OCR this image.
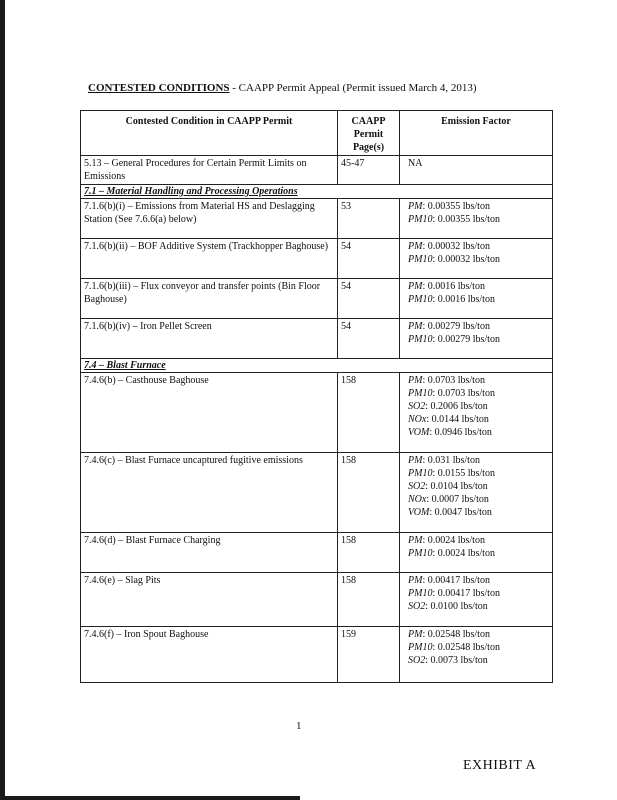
CONTESTED CONDITIONS - CAAPP Permit Appeal (Permit issued March 4, 2013)
Contested Condition in CAAPP Permit	CAAPP Permit Page(s)	Emission Factor
5.13 – General Procedures for Certain Permit Limits on Emissions	45-47	NA
7.1 – Material Handling and Processing Operations		
7.1.6(b)(i) – Emissions from Material HS and Deslagging Station (See 7.6.6(a) below)	53	PM: 0.00355 lbs/ton
PM10: 0.00355 lbs/ton

7.1.6(b)(ii) – BOF Additive System (Trackhopper Baghouse)	54	PM: 0.00032 lbs/ton
PM10: 0.00032 lbs/ton

7.1.6(b)(iii) – Flux conveyor and transfer points (Bin Floor Baghouse)	54	PM: 0.0016 lbs/ton
PM10: 0.0016 lbs/ton

7.1.6(b)(iv) – Iron Pellet Screen	54	PM: 0.00279 lbs/ton
PM10: 0.00279 lbs/ton

7.4 – Blast Furnace		
7.4.6(b) – Casthouse Baghouse	158	PM: 0.0703 lbs/ton
PM10: 0.0703 lbs/ton
SO2: 0.2006 lbs/ton
NOx: 0.0144 lbs/ton
VOM: 0.0946 lbs/ton

7.4.6(c) – Blast Furnace uncaptured fugitive emissions	158	PM: 0.031 lbs/ton
PM10: 0.0155 lbs/ton
SO2: 0.0104 lbs/ton
NOx: 0.0007 lbs/ton
VOM: 0.0047 lbs/ton

7.4.6(d) – Blast Furnace Charging	158	PM: 0.0024 lbs/ton
PM10: 0.0024 lbs/ton

7.4.6(e) – Slag Pits	158	PM: 0.00417 lbs/ton
PM10: 0.00417 lbs/ton
SO2: 0.0100 lbs/ton

7.4.6(f) – Iron Spout Baghouse	159	PM: 0.02548 lbs/ton
PM10: 0.02548 lbs/ton
SO2: 0.0073 lbs/ton
1
EXHIBIT A
